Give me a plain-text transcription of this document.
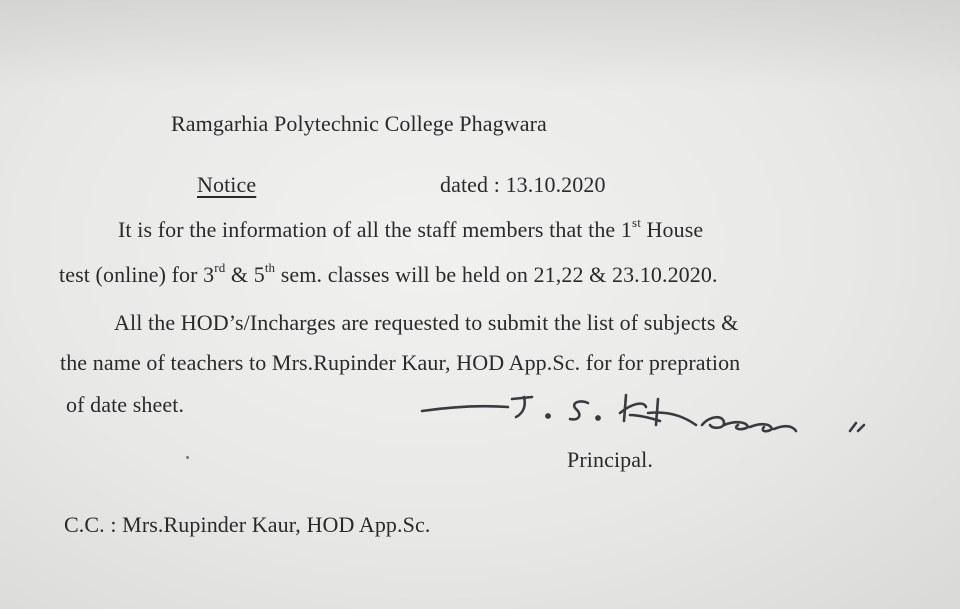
Ramgarhia Polytechnic College Phagwara
Notice	dated : 13.10.2020
It is for the information of all the staff members that the 1st House
test (online) for 3rd & 5th sem. classes will be held on 21,22 & 23.10.2020.
All the HOD’s/Incharges are requested to submit the list of subjects &
the name of teachers to Mrs.Rupinder Kaur, HOD App.Sc. for for prepration
of date sheet.
Principal.
C.C. : Mrs.Rupinder Kaur, HOD App.Sc.
